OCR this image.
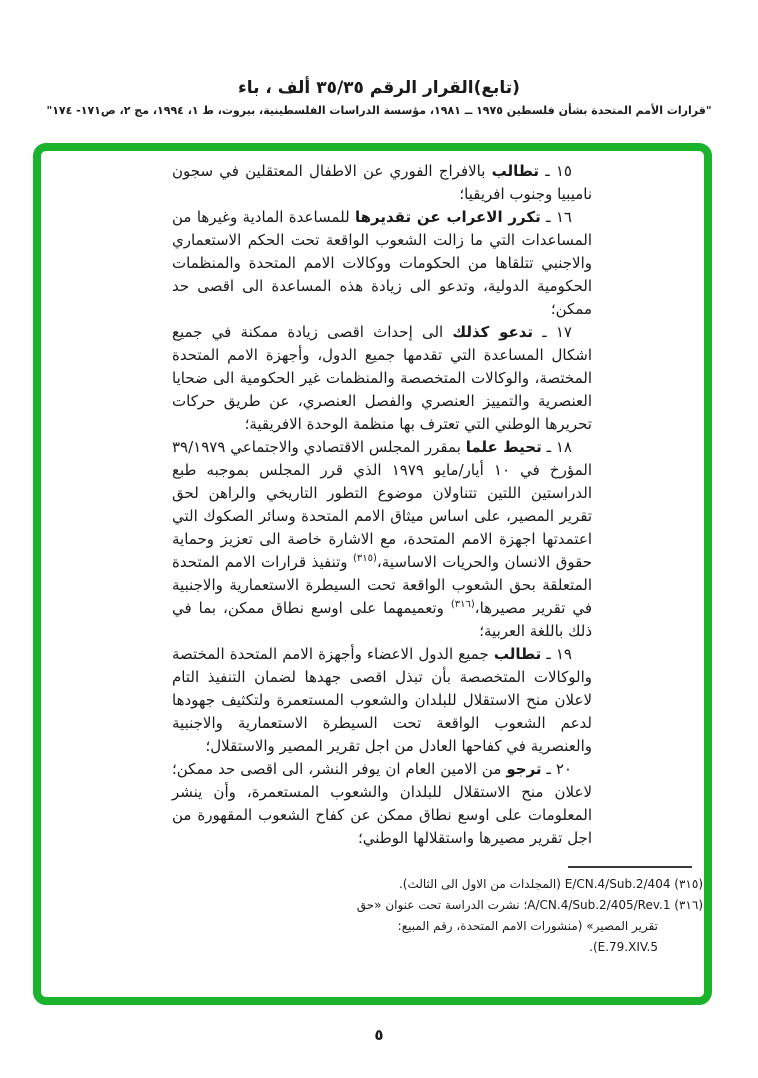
(تابع)القرار الرقم ٣٥/٣٥ ألف ، باء
"قرارات الأمم المتحدة بشأن فلسطين ١٩٧٥ ــ ١٩٨١، مؤسسة الدراسات الفلسطينية، بيروت، ط ١، ١٩٩٤، مج ٢، ص١٧١- ١٧٤"

١٥ ـ تطالب بالافراج الفوري عن الاطفال المعتقلين في سجون ناميبيا وجنوب افريقيا؛

١٦ ـ تكرر الاعراب عن تقديرها للمساعدة المادية وغيرها من المساعدات التي ما زالت الشعوب الواقعة تحت الحكم الاستعماري والاجنبي تتلقاها من الحكومات ووكالات الامم المتحدة والمنظمات الحكومية الدولية، وتدعو الى زيادة هذه المساعدة الى اقصى حد ممكن؛

١٧ ـ تدعو كذلك الى إحداث اقصى زيادة ممكنة في جميع اشكال المساعدة التي تقدمها جميع الدول، وأجهزة الامم المتحدة المختصة، والوكالات المتخصصة والمنظمات غير الحكومية الى ضحايا العنصرية والتمييز العنصري والفصل العنصري، عن طريق حركات تحريرها الوطني التي تعترف بها منظمة الوحدة الافريقية؛

١٨ ـ تحيط علما بمقرر المجلس الاقتصادي والاجتماعي ٣٩/١٩٧٩ المؤرخ في ١٠ أيار/مايو ١٩٧٩ الذي قرر المجلس بموجبه طبع الدراستين اللتين تتناولان موضوع التطور التاريخي والراهن لحق تقرير المصير، على اساس ميثاق الامم المتحدة وسائر الصكوك التي اعتمدتها اجهزة الامم المتحدة، مع الاشارة خاصة الى تعزيز وحماية حقوق الانسان والحريات الاساسية،$^{(٣١٥)}$ وتنفيذ قرارات الامم المتحدة المتعلقة بحق الشعوب الواقعة تحت السيطرة الاستعمارية والاجنبية في تقرير مصيرها،$^{(٣١٦)}$ وتعميمهما على اوسع نطاق ممكن، بما في ذلك باللغة العربية؛

١٩ ـ تطالب جميع الدول الاعضاء وأجهزة الامم المتحدة المختصة والوكالات المتخصصة بأن تبذل اقصى جهدها لضمان التنفيذ التام لاعلان منح الاستقلال للبلدان والشعوب المستعمرة ولتكثيف جهودها لدعم الشعوب الواقعة تحت السيطرة الاستعمارية والاجنبية والعنصرية في كفاحها العادل من اجل تقرير المصير والاستقلال؛

٢٠ ـ ترجو من الامين العام ان يوفر النشر، الى اقصى حد ممكن؛ لاعلان منح الاستقلال للبلدان والشعوب المستعمرة، وأن ينشر المعلومات على اوسع نطاق ممكن عن كفاح الشعوب المقهورة من اجل تقرير مصيرها واستقلالها الوطني؛

(٣١٥) E/CN.4/Sub.2/404 (المجلدات من الاول الى الثالث).
(٣١٦) A/CN.4/Sub.2/405/Rev.1؛ نشرت الدراسة تحت عنوان «حق تقرير المصير» (منشورات الامم المتحدة، رقم المبيع: E.79.XIV.5).
٥
